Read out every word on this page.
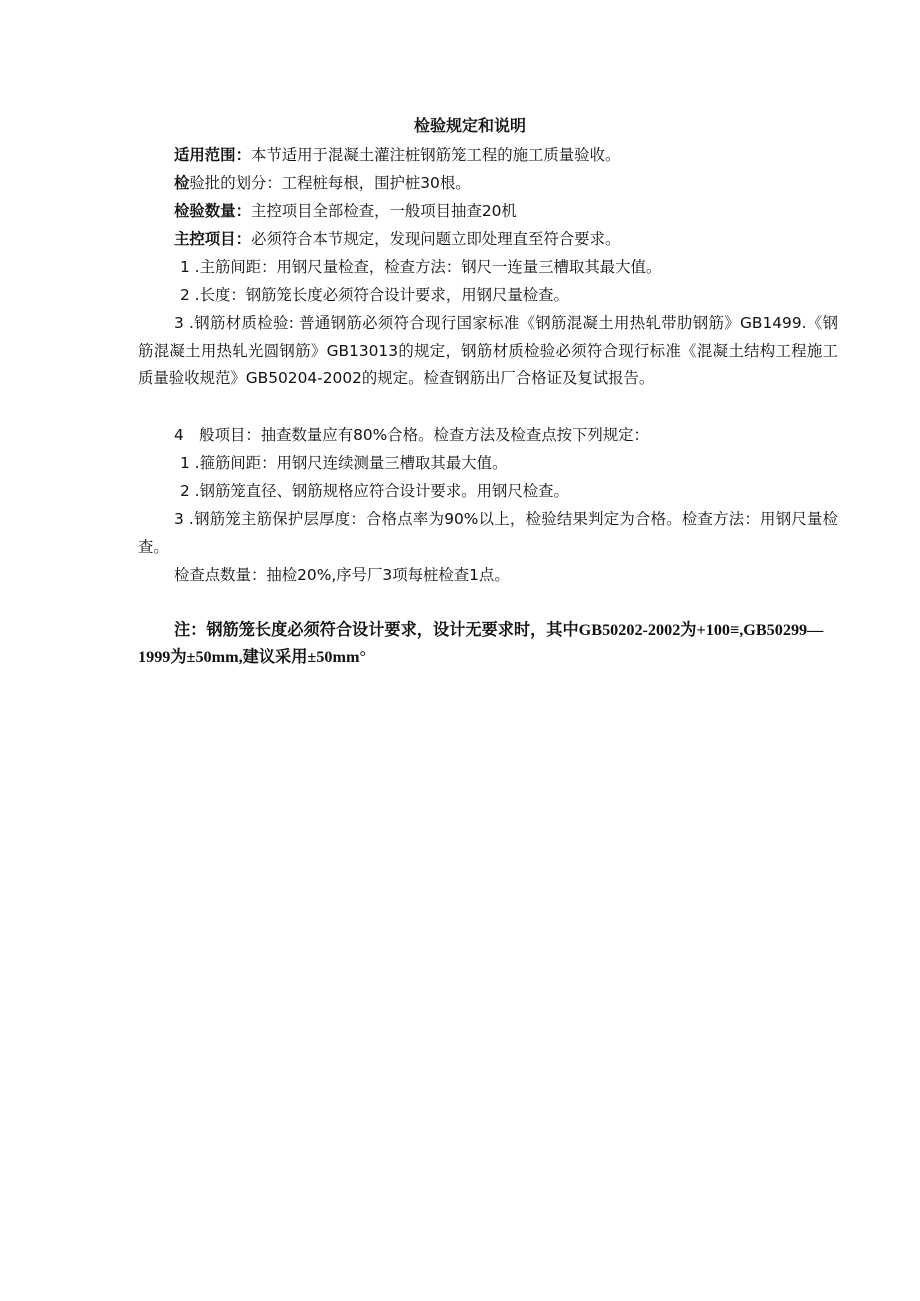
检验规定和说明

适用范围：本节适用于混凝土灌注桩钢筋笼工程的施工质量验收。

检验批的划分：工程桩每根，围护桩30根。

检验数量：主控项目全部检查，一般项目抽查20机

主控项目：必须符合本节规定，发现问题立即处理直至符合要求。

1 .主筋间距：用钢尺量检查，检查方法：钢尺一连量三槽取其最大值。

2 .长度：钢筋笼长度必须符合设计要求，用钢尺量检查。

3 .钢筋材质检验: 普通钢筋必须符合现行国家标准《钢筋混凝土用热轧带肋钢筋》GB1499.《钢筋混凝土用热轧光圆钢筋》GB13013的规定，钢筋材质检验必须符合现行标准《混凝土结构工程施工质量验收规范》GB50204-2002的规定。检查钢筋出厂合格证及复试报告。

4　般项目：抽查数量应有80%合格。检查方法及检查点按下列规定：

1 .箍筋间距：用钢尺连续测量三槽取其最大值。

2 .钢筋笼直径、钢筋规格应符合设计要求。用钢尺检查。

3 .钢筋笼主筋保护层厚度：合格点率为90%以上，检验结果判定为合格。检查方法：用钢尺量检查。

检查点数量：抽检20%,序号厂3项每桩检查1点。

注：钢筋笼长度必须符合设计要求，设计无要求时，其中GB50202-2002为+100≡,GB50299—1999为±50mm,建议采用±50mm°
